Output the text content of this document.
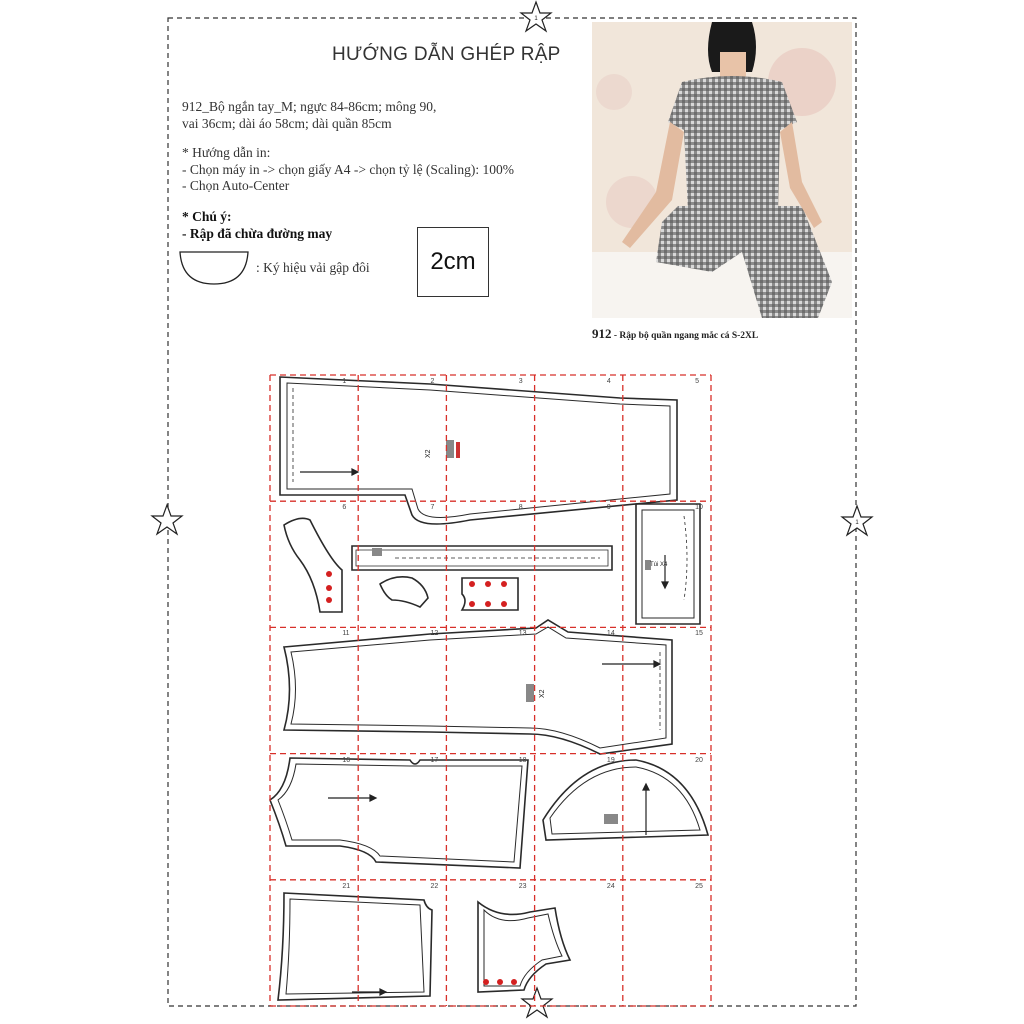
1
1
X2
X2
Túi X4
HƯỚNG DẪN GHÉP RẬP
912_Bộ ngắn tay_M; ngực 84-86cm; mông 90,
vai 36cm; dài áo 58cm; dài quần 85cm
* Hướng dẫn in:
- Chọn máy in -> chọn giấy A4 -> chọn tỷ lệ (Scaling): 100%
- Chọn Auto-Center
* Chú ý:
- Rập đã chừa đường may
: Ký hiệu vải gập đôi	2cm
912 - Rập bộ quần ngang mắc cá S-2XL
1	2	3	4	5
6	7	8	9	10
11	12	13	14	15
16	17	18	19	20
21	22	23	24	25
